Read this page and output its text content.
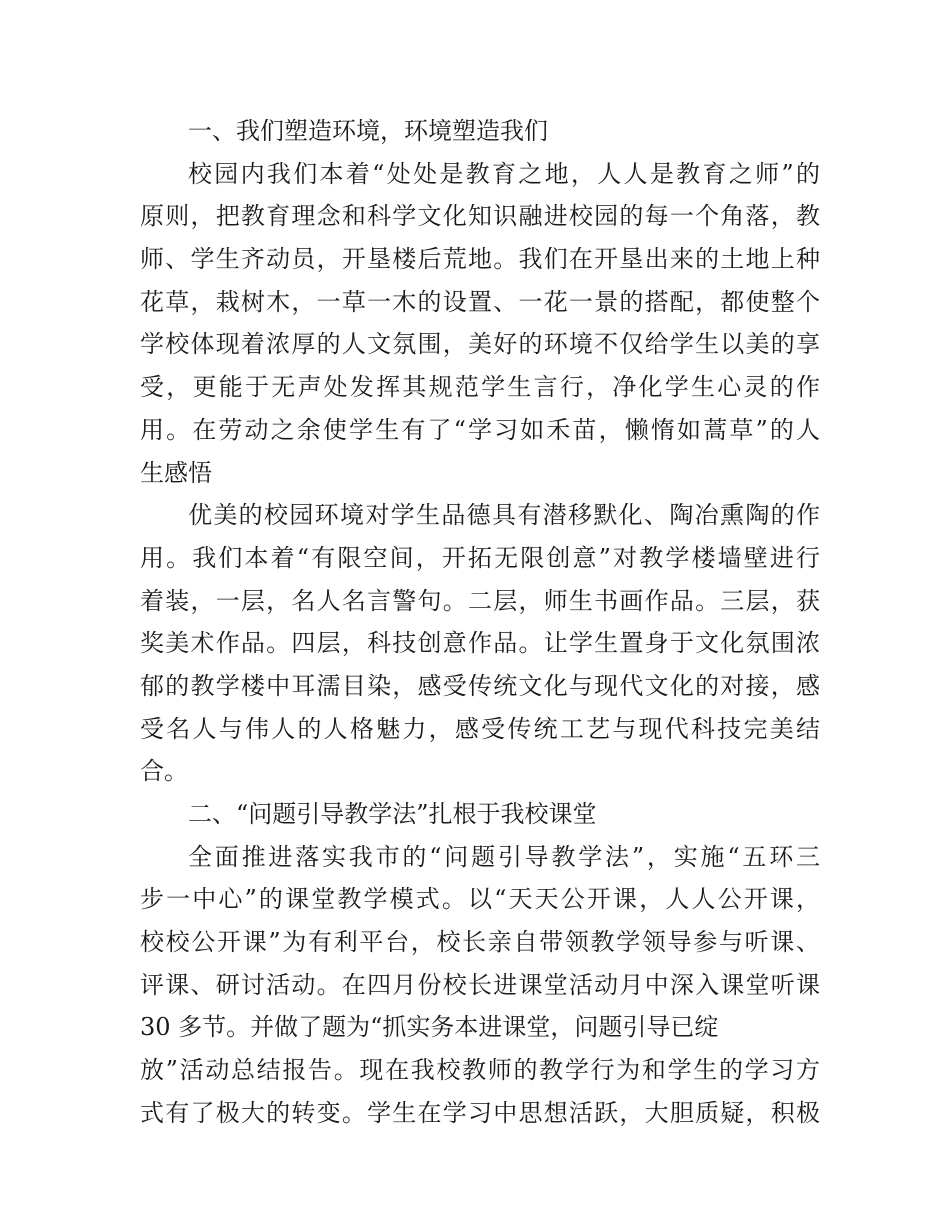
一、我们塑造环境，环境塑造我们
校园内我们本着“处处是教育之地，人人是教育之师”的
原则，把教育理念和科学文化知识融进校园的每一个角落，教
师、学生齐动员，开垦楼后荒地。我们在开垦出来的土地上种
花草，栽树木，一草一木的设置、一花一景的搭配，都使整个
学校体现着浓厚的人文氛围，美好的环境不仅给学生以美的享
受，更能于无声处发挥其规范学生言行，净化学生心灵的作
用。在劳动之余使学生有了“学习如禾苗，懒惰如蒿草”的人
生感悟
优美的校园环境对学生品德具有潜移默化、陶冶熏陶的作
用。我们本着“有限空间，开拓无限创意”对教学楼墙壁进行
着装，一层，名人名言警句。二层，师生书画作品。三层，获
奖美术作品。四层，科技创意作品。让学生置身于文化氛围浓
郁的教学楼中耳濡目染，感受传统文化与现代文化的对接，感
受名人与伟人的人格魅力，感受传统工艺与现代科技完美结
合。
二、“问题引导教学法”扎根于我校课堂
全面推进落实我市的“问题引导教学法”，实施“五环三
步一中心”的课堂教学模式。以“天天公开课，人人公开课，
校校公开课”为有利平台，校长亲自带领教学领导参与听课、
评课、研讨活动。在四月份校长进课堂活动月中深入课堂听课
30 多节。并做了题为“抓实务本进课堂，问题引导已绽
放”活动总结报告。现在我校教师的教学行为和学生的学习方
式有了极大的转变。学生在学习中思想活跃，大胆质疑，积极
